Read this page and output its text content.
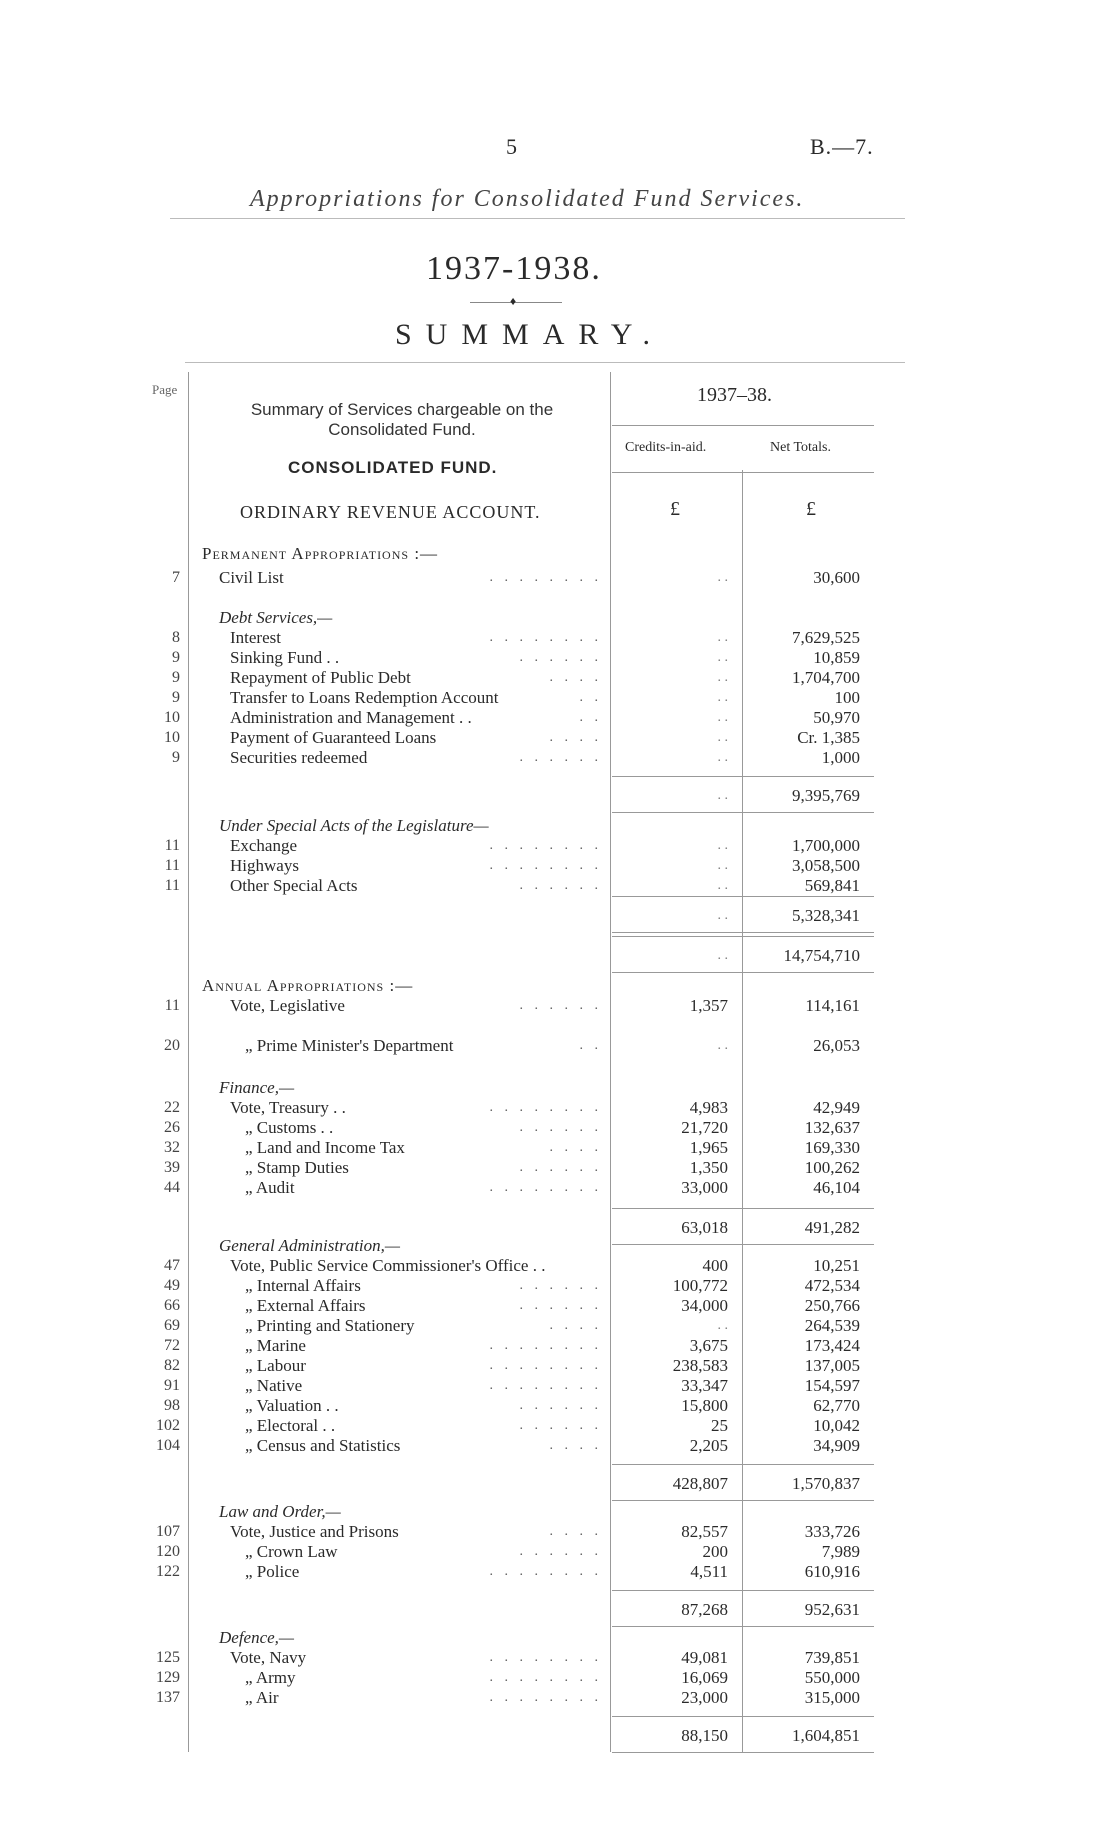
5	B.—7.
Appropriations for Consolidated Fund Services.
1937-1938.
♦
SUMMARY.
Page	1937–38.
Credits-in-aid.	Net Totals.
£	£
Summary of Services chargeable on the Consolidated Fund.
CONSOLIDATED FUND.
ORDINARY REVENUE ACCOUNT.
Permanent Appropriations :—
7 Civil List	. . . . . . . .	. .	30,600
Debt Services,—
8	Interest	. . . . . . . .	. .	7,629,525
9	Sinking Fund . .	. . . . . .	. .	10,859
9	Repayment of Public Debt	. . . .	. .	1,704,700
9	Transfer to Loans Redemption Account	. .	. .	100
10	Administration and Management . .	. .	. .	50,970
10	Payment of Guaranteed Loans	. . . .	. .	Cr. 1,385
9	Securities redeemed	. . . . . .	. .	1,000
. .	9,395,769
Under Special Acts of the Legislature—
11	Exchange	. . . . . . . .	. .	1,700,000
11	Highways	. . . . . . . .	. .	3,058,500
11	Other Special Acts	. . . . . .	. .	569,841
. .	5,328,341
. .	14,754,710
Annual Appropriations :—
11	Vote, Legislative	. . . . . .	1,357	114,161
20	„ Prime Minister's Department	. .	. .	26,053
Finance,—
22	Vote, Treasury . .	. . . . . . . .	4,983	42,949
26	„ Customs . .	. . . . . .	21,720	132,637
32	„ Land and Income Tax	. . . .	1,965	169,330
39	„ Stamp Duties	. . . . . .	1,350	100,262
44	„ Audit	. . . . . . . .	33,000	46,104
63,018	491,282
General Administration,—
47	Vote, Public Service Commissioner's Office . .	400	10,251
49	„ Internal Affairs	. . . . . .	100,772	472,534
66	„ External Affairs	. . . . . .	34,000	250,766
69	„ Printing and Stationery	. . . .	. .	264,539
72	„ Marine	. . . . . . . .	3,675	173,424
82	„ Labour	. . . . . . . .	238,583	137,005
91	„ Native	. . . . . . . .	33,347	154,597
98	„ Valuation . .	. . . . . .	15,800	62,770
102	„ Electoral . .	. . . . . .	25	10,042
104	„ Census and Statistics	. . . .	2,205	34,909
428,807	1,570,837
Law and Order,—
107	Vote, Justice and Prisons	. . . .	82,557	333,726
120	„ Crown Law	. . . . . .	200	7,989
122	„ Police	. . . . . . . .	4,511	610,916
87,268	952,631
Defence,—
125	Vote, Navy	. . . . . . . .	49,081	739,851
129	„ Army	. . . . . . . .	16,069	550,000
137	„ Air	. . . . . . . .	23,000	315,000
88,150	1,604,851
